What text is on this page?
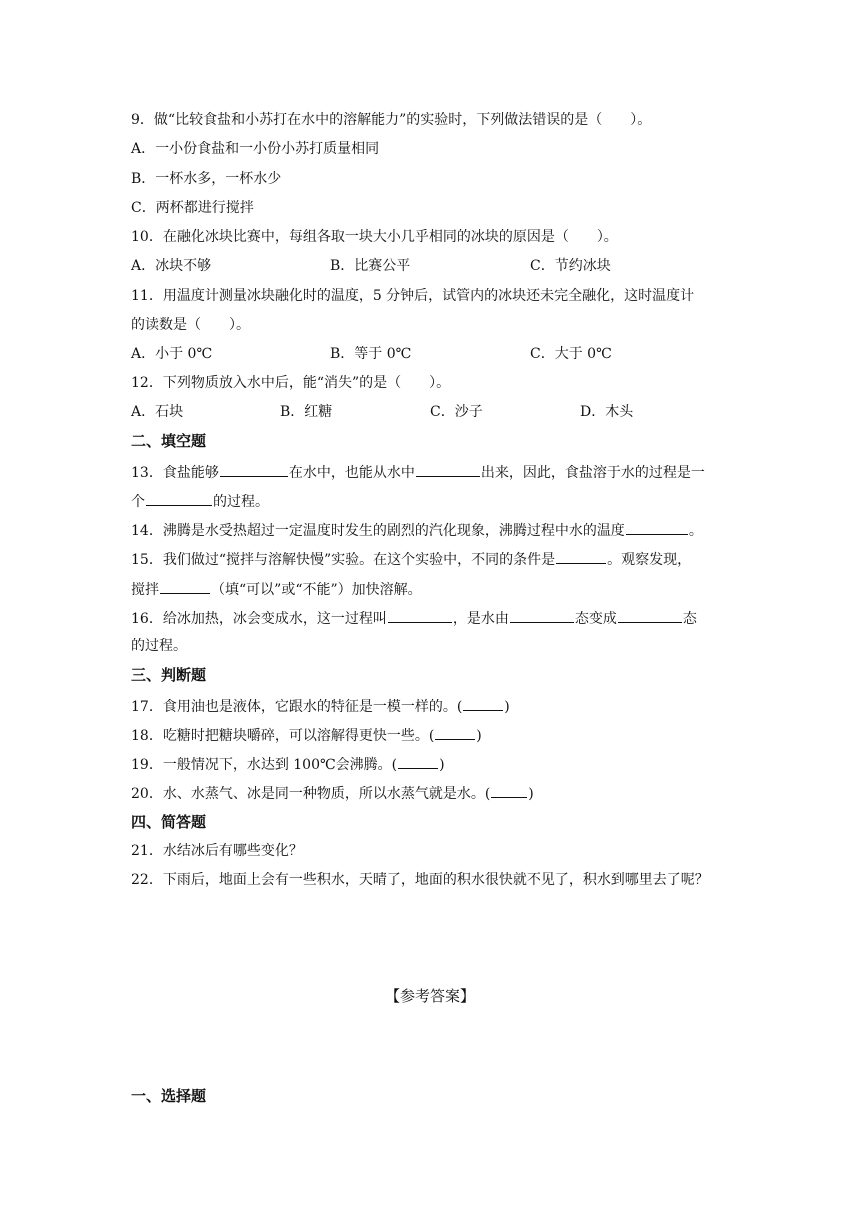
9．做“比较食盐和小苏打在水中的溶解能力”的实验时，下列做法错误的是（　　）。
A．一小份食盐和一小份小苏打质量相同
B．一杯水多，一杯水少
C．两杯都进行搅拌
10．在融化冰块比赛中，每组各取一块大小几乎相同的冰块的原因是（　　）。
A．冰块不够	B．比赛公平	C．节约冰块
11．用温度计测量冰块融化时的温度，5 分钟后，试管内的冰块还未完全融化，这时温度计
的读数是（　　）。
A．小于 0℃	B．等于 0℃	C．大于 0℃
12．下列物质放入水中后，能“消失”的是（　　）。
A．石块	B．红糖	C．沙子	D．木头
二、填空题
13．食盐能够	在水中，也能从水中	出来，因此，食盐溶于水的过程是一
个	的过程。
14．沸腾是水受热超过一定温度时发生的剧烈的汽化现象，沸腾过程中水的温度	。
15．我们做过“搅拌与溶解快慢”实验。在这个实验中，不同的条件是	。观察发现，
搅拌	（填“可以”或“不能”）加快溶解。
16．给冰加热，冰会变成水，这一过程叫	，是水由	态变成	态
的过程。
三、判断题
17．食用油也是液体，它跟水的特征是一模一样的。(	)
18．吃糖时把糖块嚼碎，可以溶解得更快一些。(	)
19．一般情况下，水达到 100℃会沸腾。(	)
20．水、水蒸气、冰是同一种物质，所以水蒸气就是水。(	)
四、简答题
21．水结冰后有哪些变化？
22．下雨后，地面上会有一些积水，天晴了，地面的积水很快就不见了，积水到哪里去了呢？
【参考答案】
一、选择题
